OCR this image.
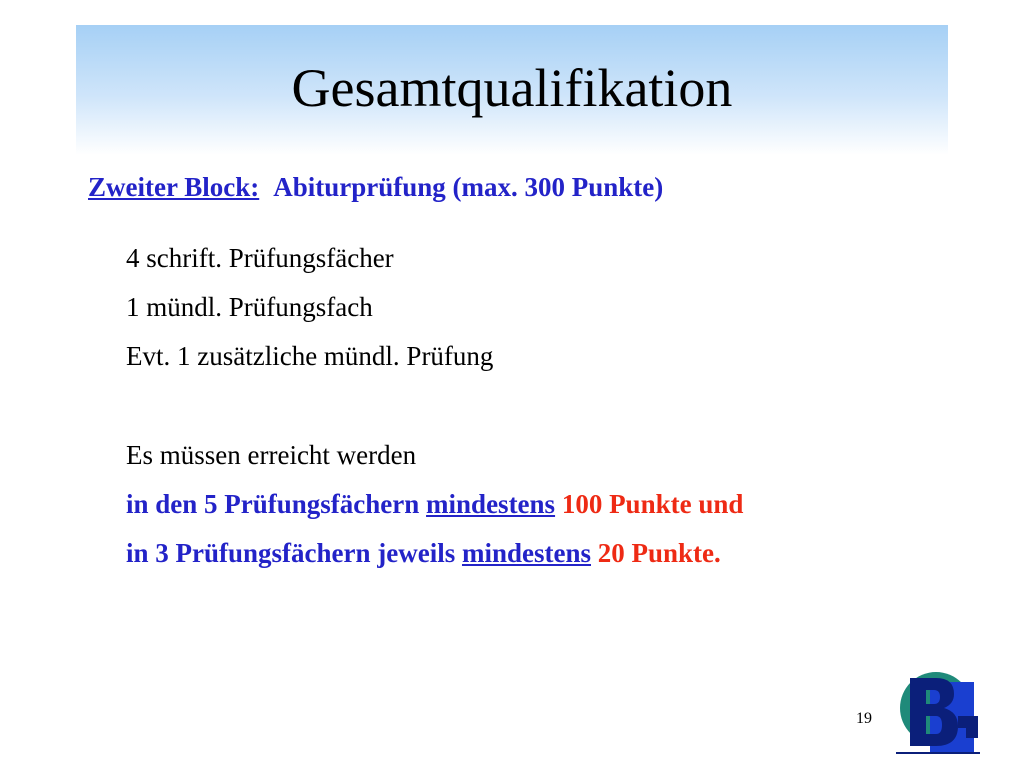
Gesamtqualifikation
Zweiter Block: Abiturprüfung (max. 300 Punkte)
4 schrift. Prüfungsfächer
1 mündl. Prüfungsfach
Evt. 1 zusätzliche mündl. Prüfung
Es müssen erreicht werden
in den 5 Prüfungsfächern mindestens 100 Punkte und
in 3 Prüfungsfächern jeweils mindestens 20 Punkte.
19
